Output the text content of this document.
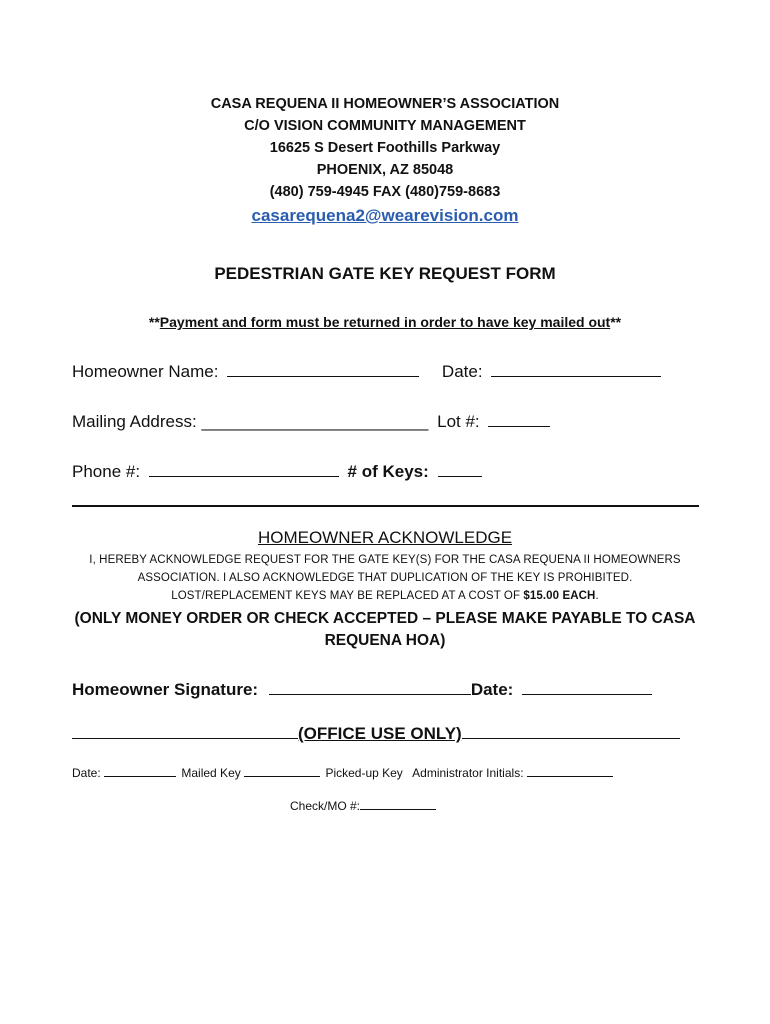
CASA REQUENA II HOMEOWNER’S ASSOCIATION
C/O VISION COMMUNITY MANAGEMENT
16625 S Desert Foothills Parkway
PHOENIX, AZ 85048
(480) 759-4945 FAX (480)759-8683
casarequena2@wearevision.com
PEDESTRIAN GATE KEY REQUEST FORM
**Payment and form must be returned in order to have key mailed out**
Homeowner Name:	Date:
Mailing Address: ________________________ Lot #:
Phone #:	# of Keys:
HOMEOWNER ACKNOWLEDGE
I, HEREBY ACKNOWLEDGE REQUEST FOR THE GATE KEY(S) FOR THE CASA REQUENA II HOMEOWNERS
ASSOCIATION. I ALSO ACKNOWLEDGE THAT DUPLICATION OF THE KEY IS PROHIBITED.
LOST/REPLACEMENT KEYS MAY BE REPLACED AT A COST OF $15.00 EACH.
(ONLY MONEY ORDER OR CHECK ACCEPTED – PLEASE MAKE PAYABLE TO CASA
REQUENA HOA)
Homeowner Signature:	Date:
(OFFICE USE ONLY)
Date:	Mailed Key	Picked-up Key Administrator Initials:
Check/MO #:
